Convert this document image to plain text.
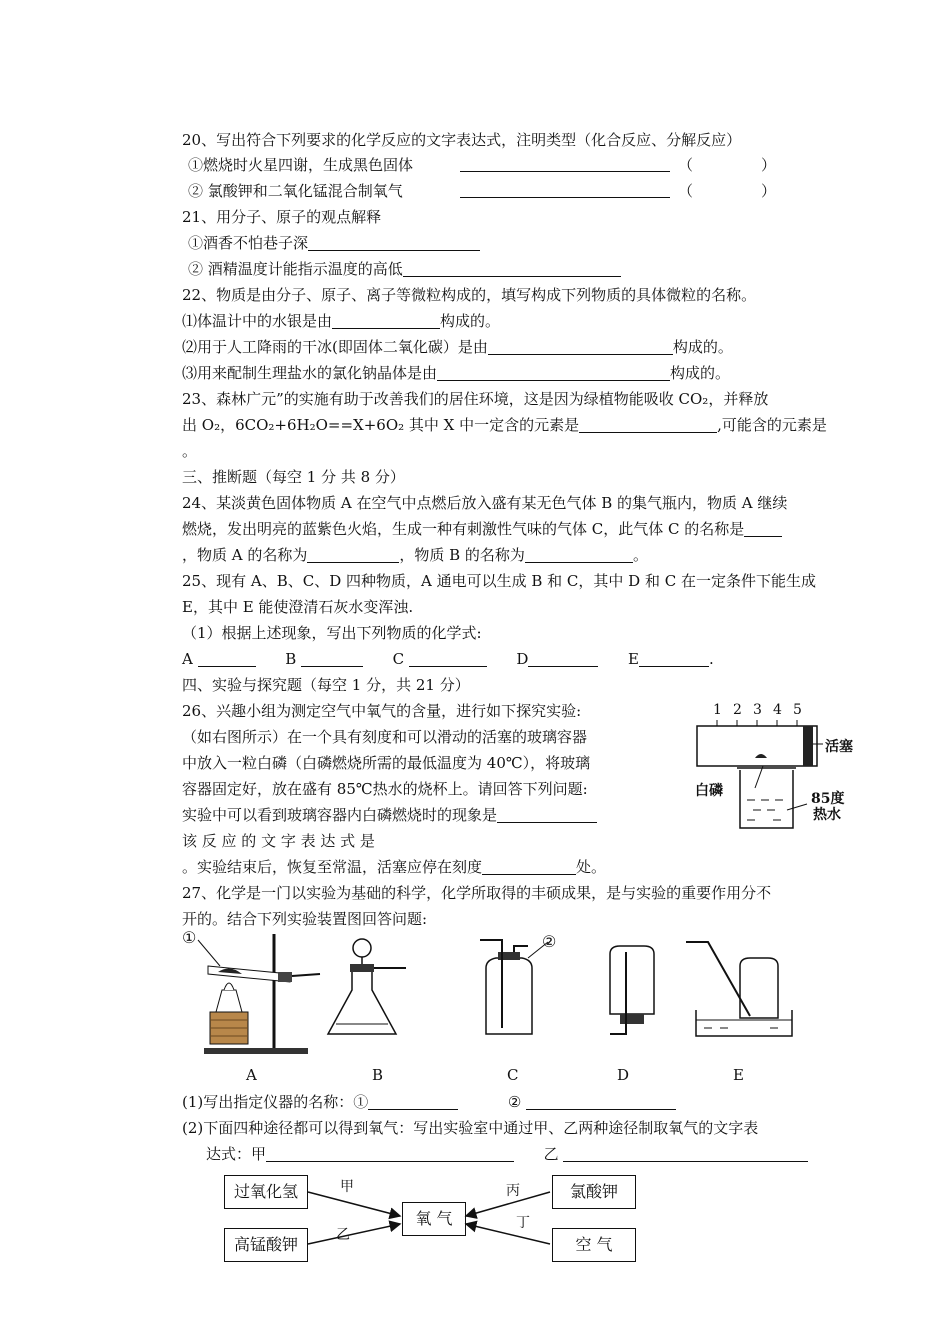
20、写出符合下列要求的化学反应的文字表达式，注明类型（化合反应、分解反应）
①燃烧时火星四谢，生成黑色固体	（	）
② 氯酸钾和二氧化锰混合制氧气	（	）
21、用分子、原子的观点解释
①酒香不怕巷子深
② 酒精温度计能指示温度的高低
22、物质是由分子、原子、离子等微粒构成的，填写构成下列物质的具体微粒的名称。
⑴体温计中的水银是由	构成的。
⑵用于人工降雨的干冰(即固体二氧化碳）是由	构成的。
⑶用来配制生理盐水的氯化钠晶体是由	构成的。
23、森林广元”的实施有助于改善我们的居住环境，这是因为绿植物能吸收 CO₂，并释放
出 O₂，6CO₂+6H₂O==X+6O₂ 其中 X 中一定含的元素是	,可能含的元素是
。
三、推断题（每空 1 分 共 8 分）
24、某淡黄色固体物质 A 在空气中点燃后放入盛有某无色气体 B 的集气瓶内，物质 A 继续
燃烧，发出明亮的蓝紫色火焰，生成一种有刺激性气味的气体 C，此气体 C 的名称是
，物质 A 的名称为	，物质 B 的名称为	。
25、现有 A、B、C、D 四种物质，A 通电可以生成 B 和 C，其中 D 和 C 在一定条件下能生成
E，其中 E 能使澄清石灰水变浑浊.
（1）根据上述现象，写出下列物质的化学式:
A	B	C	D	E	.
四、实验与探究题（每空 1 分，共 21 分）
26、兴趣小组为测定空气中氧气的含量，进行如下探究实验:
（如右图所示）在一个具有刻度和可以滑动的活塞的玻璃容器
中放入一粒白磷（白磷燃烧所需的最低温度为 40℃），将玻璃
容器固定好，放在盛有 85℃热水的烧杯上。请回答下列问题:
实验中可以看到玻璃容器内白磷燃烧时的现象是
该 反 应 的 文 字 表 达 式 是
。实验结束后，恢复至常温，活塞应停在刻度	处。
1 2 3 4 5
活塞
白磷	85度
热水
27、化学是一门以实验为基础的科学，化学所取得的丰硕成果，是与实验的重要作用分不
开的。结合下列实验装置图回答问题:
①	②
A	B	C	D	E
(1)写出指定仪器的名称：①	②
(2)下面四种途径都可以得到氧气：写出实验室中通过甲、乙两种途径制取氧气的文字表
达式：甲	乙
过氧化氢
高锰酸钾
氧 气
氯酸钾
空 气
甲
乙
丙
丁
